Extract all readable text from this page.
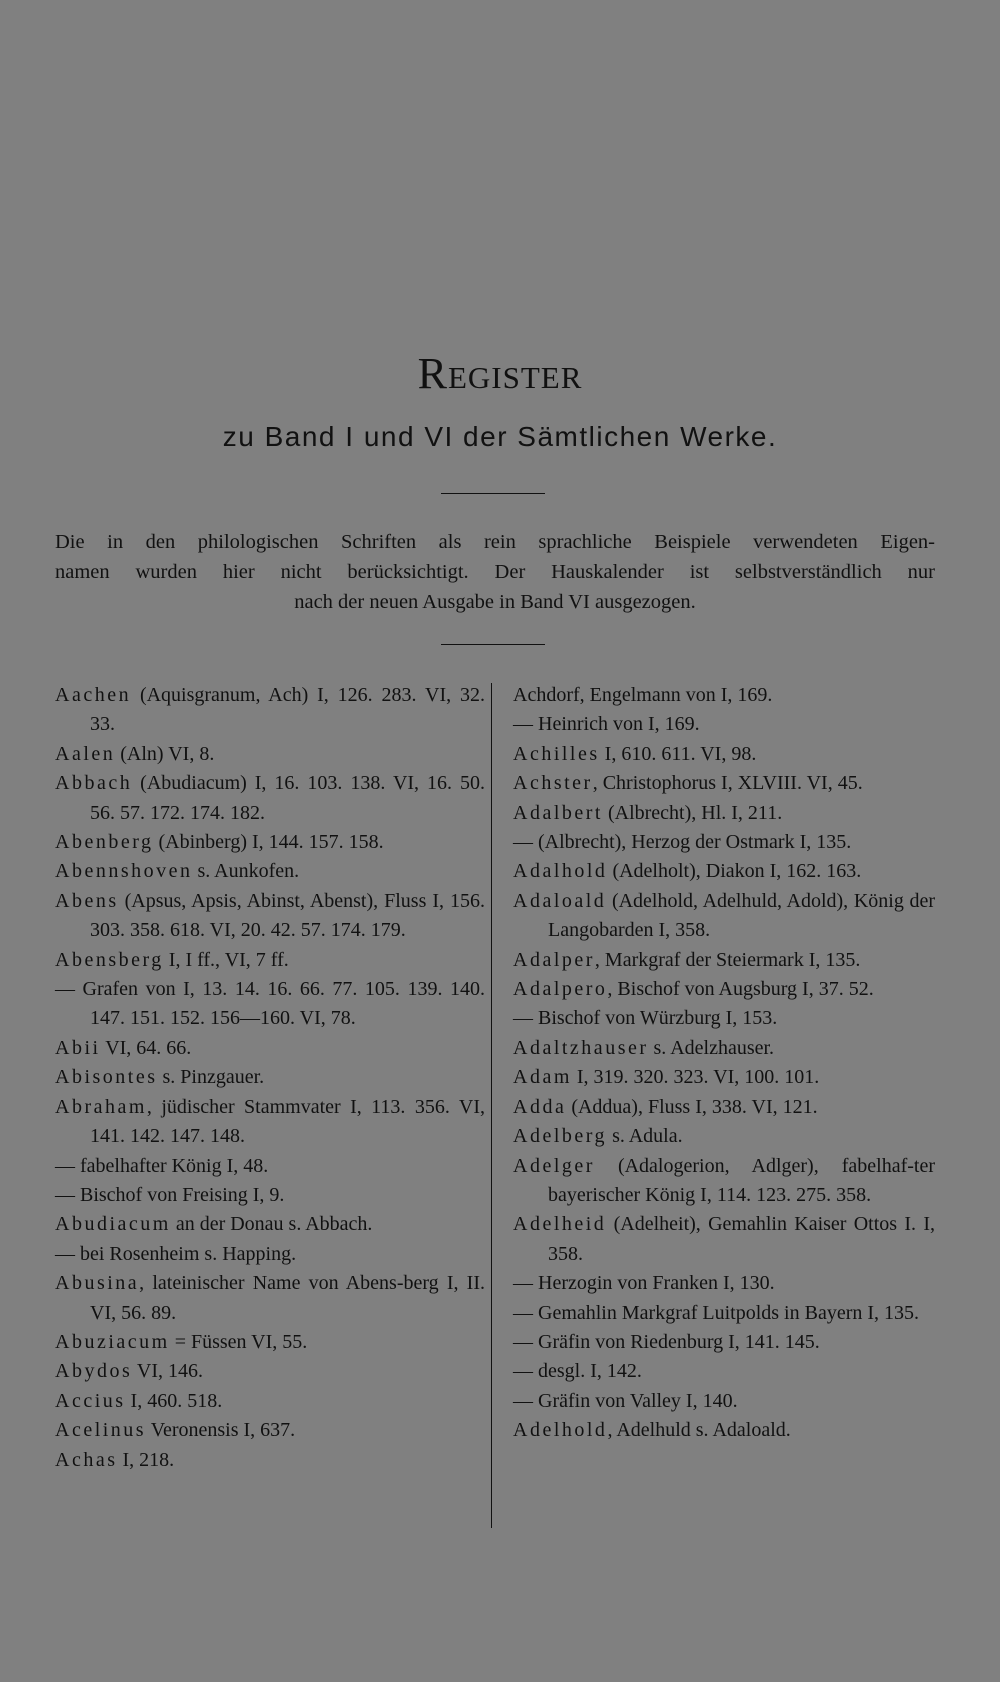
Register
zu Band I und VI der Sämtlichen Werke.
Die in den philologischen Schriften als rein sprachliche Beispiele verwendeten Eigen-
namen wurden hier nicht berücksichtigt. Der Hauskalender ist selbstverständlich nur
nach der neuen Ausgabe in Band VI ausgezogen.
Aachen (Aquisgranum, Ach) I, 126. 283. VI, 32. 33.
Aalen (Aln) VI, 8.
Abbach (Abudiacum) I, 16. 103. 138. VI, 16. 50. 56. 57. 172. 174. 182.
Abenberg (Abinberg) I, 144. 157. 158.
Abennshoven s. Aunkofen.
Abens (Apsus, Apsis, Abinst, Abenst), Fluss I, 156. 303. 358. 618. VI, 20. 42. 57. 174. 179.
Abensberg I, I ff., VI, 7 ff.
— Grafen von I, 13. 14. 16. 66. 77. 105. 139. 140. 147. 151. 152. 156—160. VI, 78.
Abii VI, 64. 66.
Abisontes s. Pinzgauer.
Abraham, jüdischer Stammvater I, 113. 356. VI, 141. 142. 147. 148.
— fabelhafter König I, 48.
— Bischof von Freising I, 9.
Abudiacum an der Donau s. Abbach.
— bei Rosenheim s. Happing.
Abusina, lateinischer Name von Abens-berg I, II. VI, 56. 89.
Abuziacum = Füssen VI, 55.
Abydos VI, 146.
Accius I, 460. 518.
Acelinus Veronensis I, 637.
Achas I, 218.
Achdorf, Engelmann von I, 169.
— Heinrich von I, 169.
Achilles I, 610. 611. VI, 98.
Achster, Christophorus I, XLVIII. VI, 45.
Adalbert (Albrecht), Hl. I, 211.
— (Albrecht), Herzog der Ostmark I, 135.
Adalhold (Adelholt), Diakon I, 162. 163.
Adaloald (Adelhold, Adelhuld, Adold), König der Langobarden I, 358.
Adalper, Markgraf der Steiermark I, 135.
Adalpero, Bischof von Augsburg I, 37. 52.
— Bischof von Würzburg I, 153.
Adaltzhauser s. Adelzhauser.
Adam I, 319. 320. 323. VI, 100. 101.
Adda (Addua), Fluss I, 338. VI, 121.
Adelberg s. Adula.
Adelger (Adalogerion, Adlger), fabelhaf-ter bayerischer König I, 114. 123. 275. 358.
Adelheid (Adelheit), Gemahlin Kaiser Ottos I. I, 358.
— Herzogin von Franken I, 130.
— Gemahlin Markgraf Luitpolds in Bayern I, 135.
— Gräfin von Riedenburg I, 141. 145.
— desgl. I, 142.
— Gräfin von Valley I, 140.
Adelhold, Adelhuld s. Adaloald.
